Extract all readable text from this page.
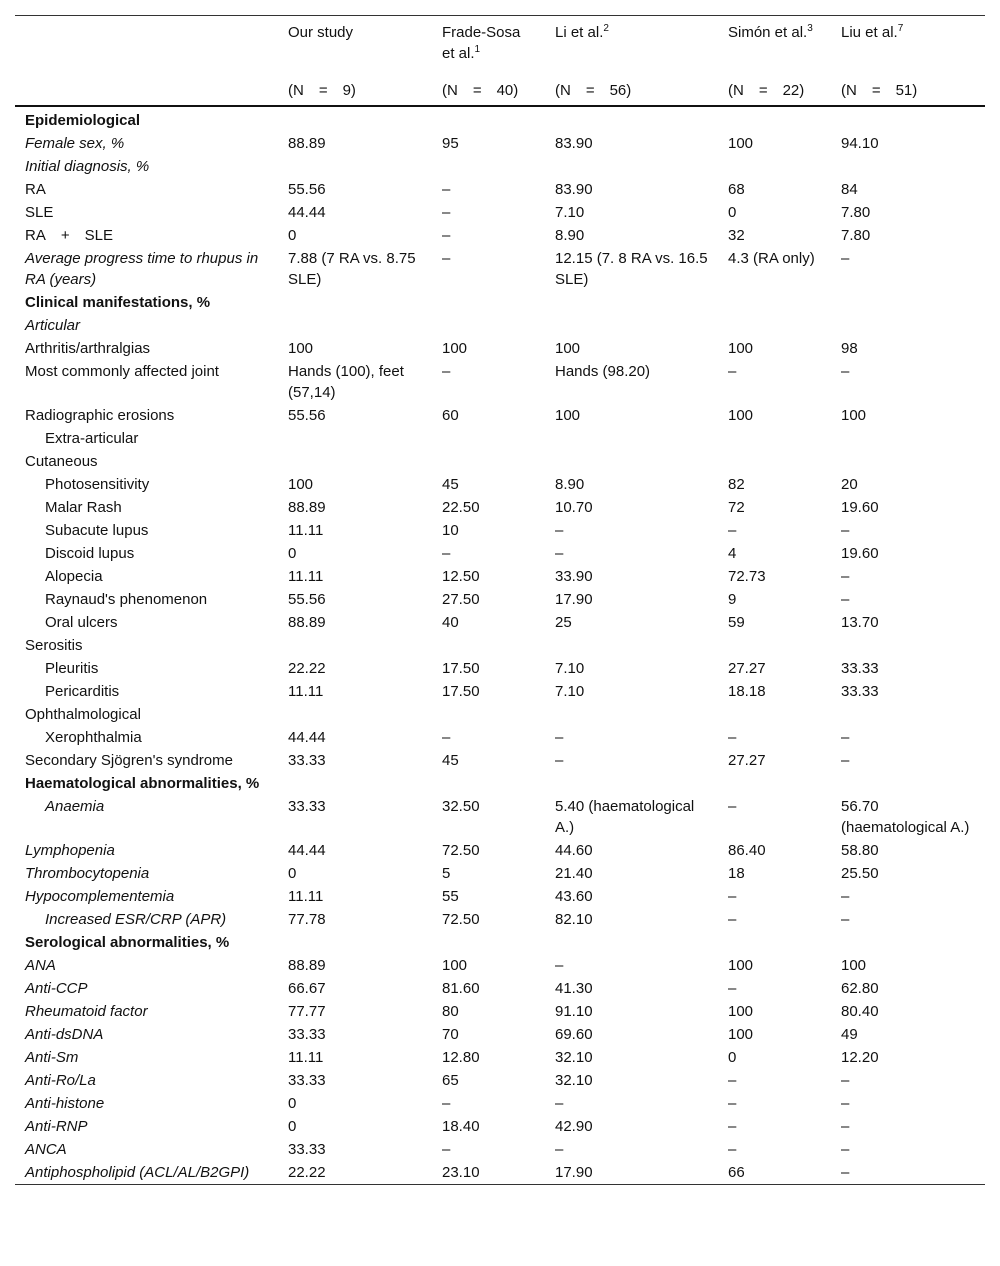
	Our study	Frade-Sosa et al.$^1$	Li et al.$^2$	Simón et al.$^3$	Liu et al.$^7$
	(N = 9)	(N = 40)	(N = 56)	(N = 22)	(N = 51)

Epidemiological					
Female sex, %	88.89	95	83.90	100	94.10
Initial diagnosis, %					
RA	55.56	–	83.90	68	84
SLE	44.44	–	7.10	0	7.80
RA + SLE	0	–	8.90	32	7.80
Average progress time to rhupus in RA (years)	7.88 (7 RA vs. 8.75 SLE)	–	12.15 (7. 8 RA vs. 16.5 SLE)	4.3 (RA only)	–
Clinical manifestations, %					
Articular					
Arthritis/arthralgias	100	100	100	100	98
Most commonly affected joint	Hands (100), feet (57,14)	–	Hands (98.20)	–	–
Radiographic erosions	55.56	60	100	100	100
Extra-articular					
Cutaneous					
Photosensitivity	100	45	8.90	82	20
Malar Rash	88.89	22.50	10.70	72	19.60
Subacute lupus	11.11	10	–	–	–
Discoid lupus	0	–	–	4	19.60
Alopecia	11.11	12.50	33.90	72.73	–
Raynaud's phenomenon	55.56	27.50	17.90	9	–
Oral ulcers	88.89	40	25	59	13.70
Serositis					
Pleuritis	22.22	17.50	7.10	27.27	33.33
Pericarditis	11.11	17.50	7.10	18.18	33.33
Ophthalmological					
Xerophthalmia	44.44	–	–	–	–
Secondary Sjögren's syndrome	33.33	45	–	27.27	–
Haematological abnormalities, %					
Anaemia	33.33	32.50	5.40 (haematological A.)	–	56.70 (haematological A.)
Lymphopenia	44.44	72.50	44.60	86.40	58.80
Thrombocytopenia	0	5	21.40	18	25.50
Hypocomplementemia	11.11	55	43.60	–	–
Increased ESR/CRP (APR)	77.78	72.50	82.10	–	–
Serological abnormalities, %					
ANA	88.89	100	–	100	100
Anti-CCP	66.67	81.60	41.30	–	62.80
Rheumatoid factor	77.77	80	91.10	100	80.40
Anti-dsDNA	33.33	70	69.60	100	49
Anti-Sm	11.11	12.80	32.10	0	12.20
Anti-Ro/La	33.33	65	32.10	–	–
Anti-histone	0	–	–	–	–
Anti-RNP	0	18.40	42.90	–	–
ANCA	33.33	–	–	–	–
Antiphospholipid (ACL/AL/B2GPI)	22.22	23.10	17.90	66	–
